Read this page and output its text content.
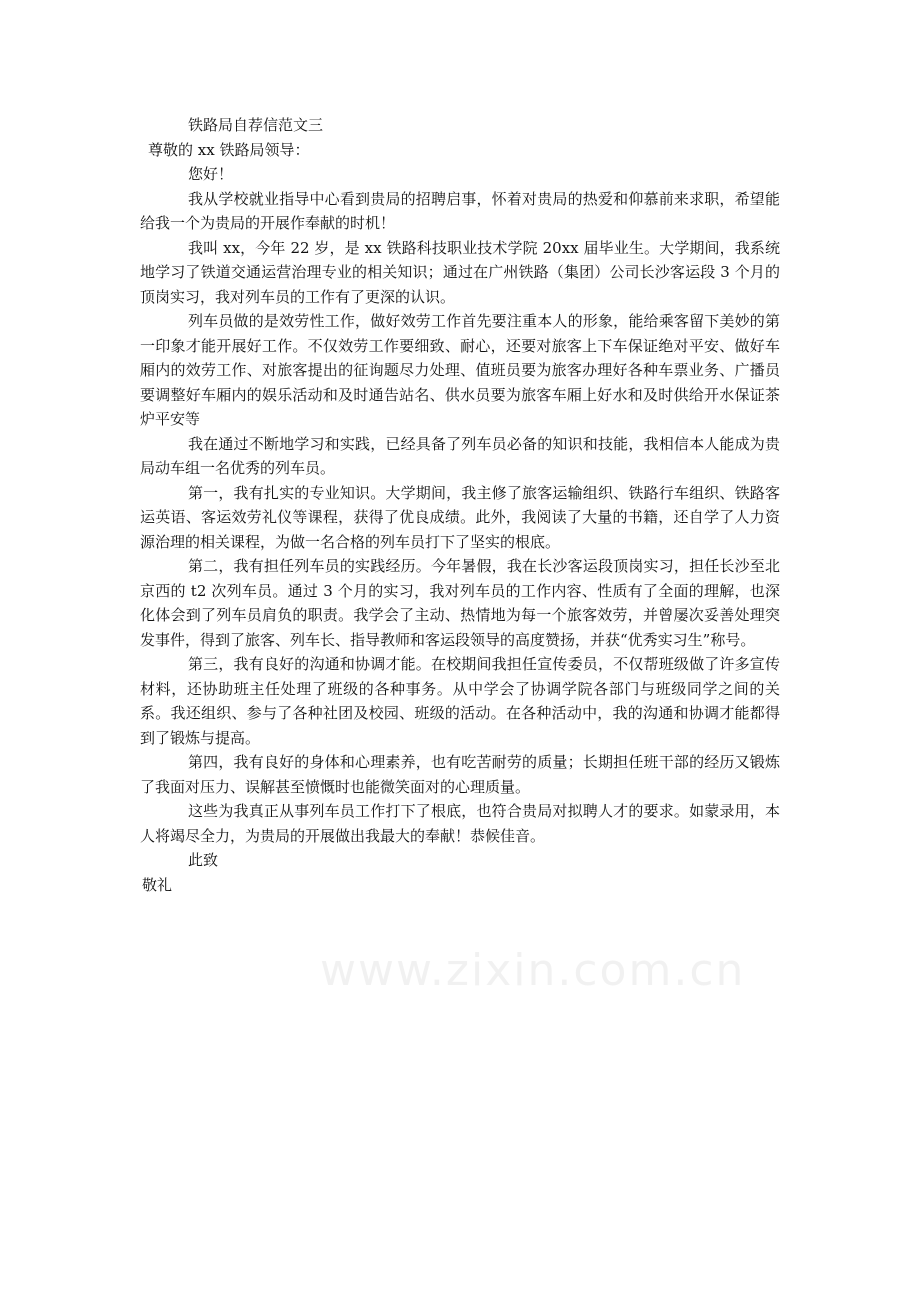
铁路局自荐信范文三

尊敬的 xx 铁路局领导：

您好！

我从学校就业指导中心看到贵局的招聘启事，怀着对贵局的热爱和仰慕前来求职，希望能给我一个为贵局的开展作奉献的时机！

我叫 xx，今年 22 岁，是 xx 铁路科技职业技术学院 20xx 届毕业生。大学期间，我系统地学习了铁道交通运营治理专业的相关知识；通过在广州铁路（集团）公司长沙客运段 3 个月的顶岗实习，我对列车员的工作有了更深的认识。

列车员做的是效劳性工作，做好效劳工作首先要注重本人的形象，能给乘客留下美妙的第一印象才能开展好工作。不仅效劳工作要细致、耐心，还要对旅客上下车保证绝对平安、做好车厢内的效劳工作、对旅客提出的征询题尽力处理、值班员要为旅客办理好各种车票业务、广播员要调整好车厢内的娱乐活动和及时通告站名、供水员要为旅客车厢上好水和及时供给开水保证茶炉平安等

我在通过不断地学习和实践，已经具备了列车员必备的知识和技能，我相信本人能成为贵局动车组一名优秀的列车员。

第一，我有扎实的专业知识。大学期间，我主修了旅客运输组织、铁路行车组织、铁路客运英语、客运效劳礼仪等课程，获得了优良成绩。此外，我阅读了大量的书籍，还自学了人力资源治理的相关课程，为做一名合格的列车员打下了坚实的根底。

第二，我有担任列车员的实践经历。今年暑假，我在长沙客运段顶岗实习，担任长沙至北京西的 t2 次列车员。通过 3 个月的实习，我对列车员的工作内容、性质有了全面的理解，也深化体会到了列车员肩负的职责。我学会了主动、热情地为每一个旅客效劳，并曾屡次妥善处理突发事件，得到了旅客、列车长、指导教师和客运段领导的高度赞扬，并获“优秀实习生”称号。

第三，我有良好的沟通和协调才能。在校期间我担任宣传委员，不仅帮班级做了许多宣传材料，还协助班主任处理了班级的各种事务。从中学会了协调学院各部门与班级同学之间的关系。我还组织、参与了各种社团及校园、班级的活动。在各种活动中，我的沟通和协调才能都得到了锻炼与提高。

第四，我有良好的身体和心理素养，也有吃苦耐劳的质量；长期担任班干部的经历又锻炼了我面对压力、误解甚至愤慨时也能微笑面对的心理质量。

这些为我真正从事列车员工作打下了根底，也符合贵局对拟聘人才的要求。如蒙录用，本人将竭尽全力，为贵局的开展做出我最大的奉献！恭候佳音。

此致

敬礼

www.zixin.com.cn
